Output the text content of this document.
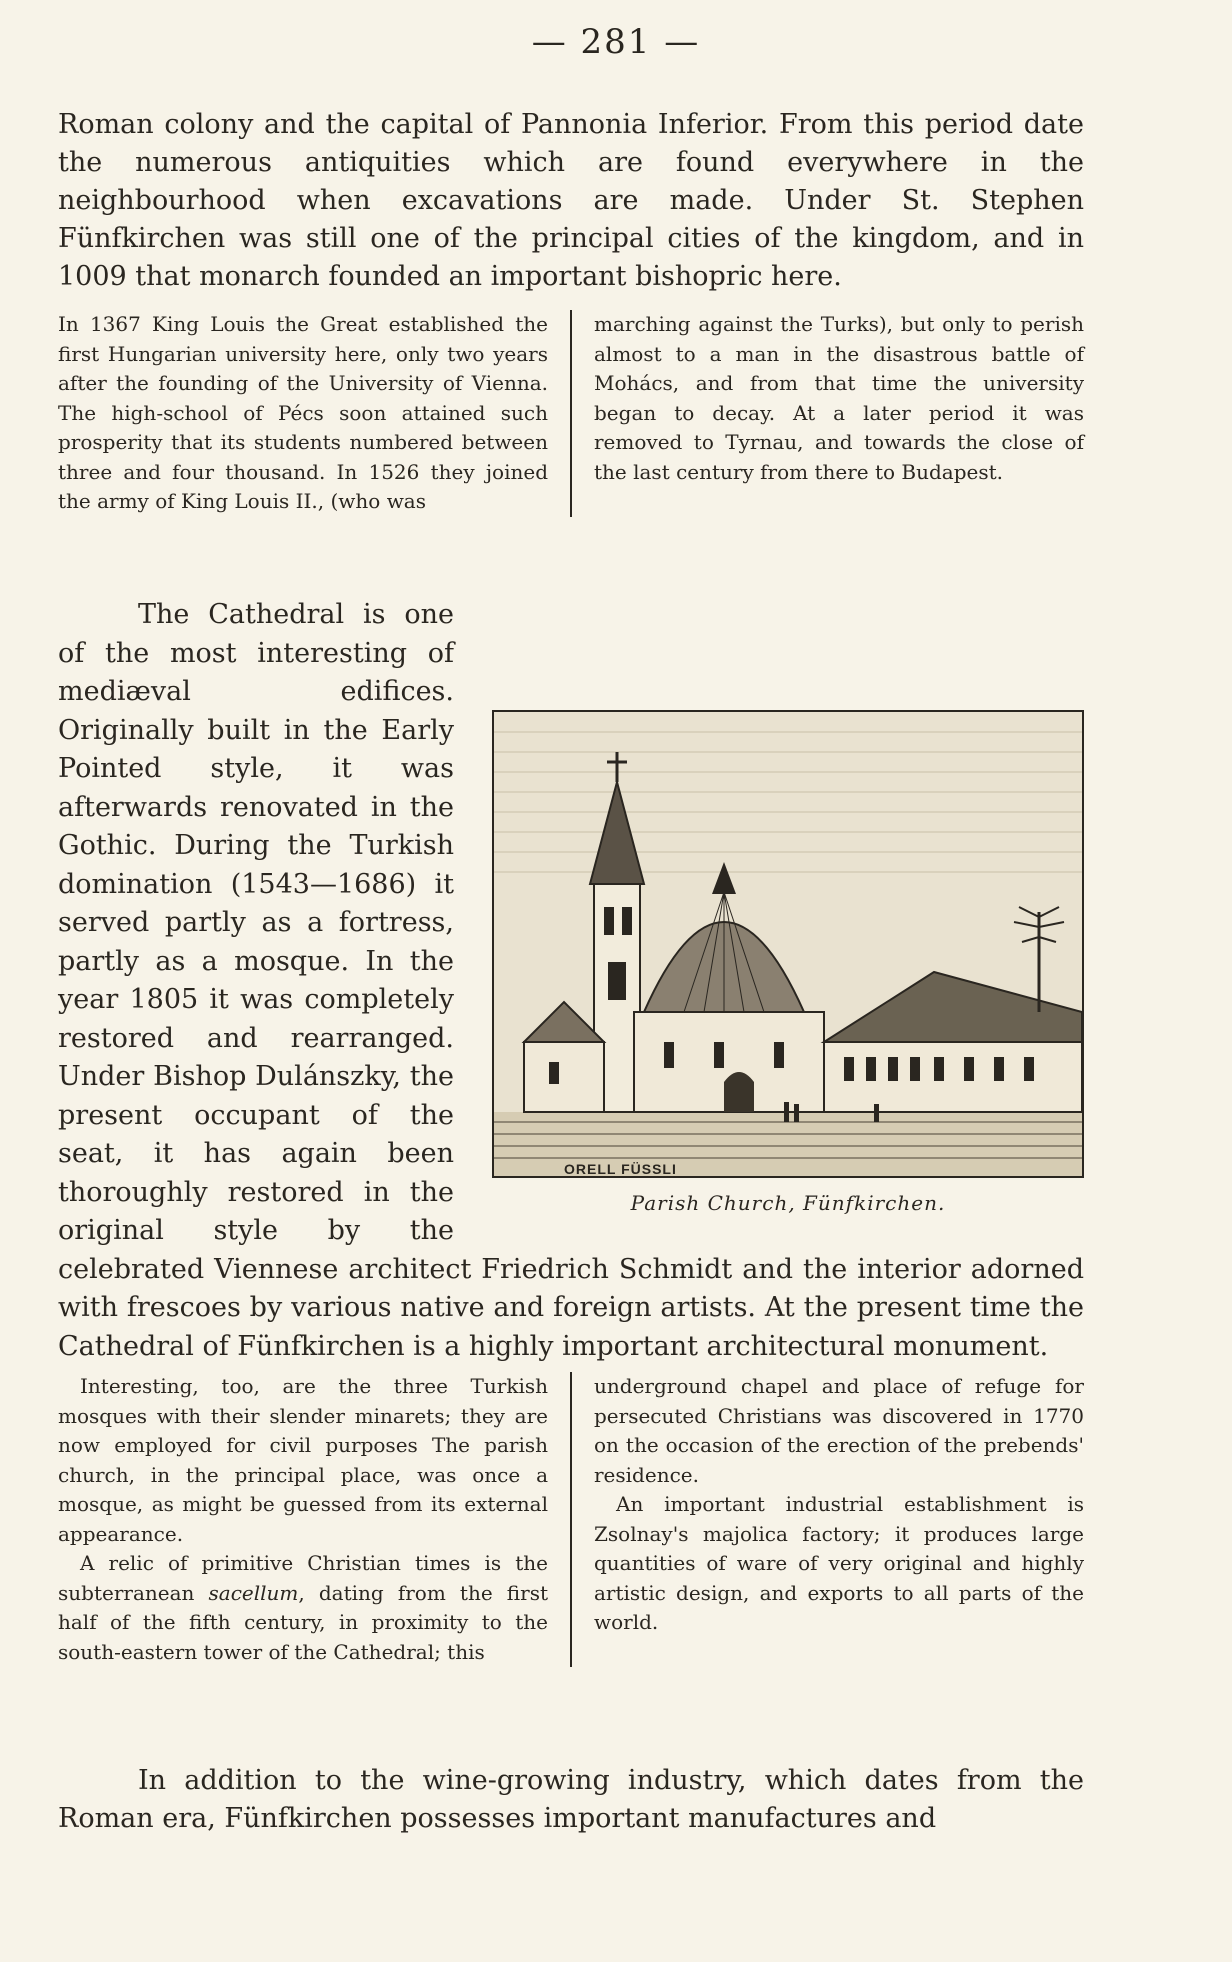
— 281 —

Roman colony and the capital of Pannonia Inferior. From this period date the numerous antiquities which are found everywhere in the neighbourhood when excavations are made. Under St. Stephen Fünfkirchen was still one of the principal cities of the kingdom, and in 1009 that monarch founded an important bishopric here.

In 1367 King Louis the Great established the first Hungarian university here, only two years after the founding of the University of Vienna. The high-school of Pécs soon attained such prosperity that its students numbered between three and four thousand. In 1526 they joined the army of King Louis II., (who was

marching against the Turks), but only to perish almost to a man in the disastrous battle of Mohács, and from that time the university began to decay. At a later period it was removed to Tyrnau, and towards the close of the last century from there to Budapest.

ORELL FÜSSLI
Parish Church, Fünfkirchen.

The Cathedral is one of the most interesting of mediæval edifices. Originally built in the Early Pointed style, it was afterwards renovated in the Gothic. During the Turkish domination (1543—1686) it served partly as a fortress, partly as a mosque. In the year 1805 it was completely restored and rearranged. Under Bishop Dulánszky, the present occupant of the seat, it has again been thoroughly restored in the original style by the celebrated Viennese architect Friedrich Schmidt and the interior adorned with frescoes by various native and foreign artists. At the present time the Cathedral of Fünfkirchen is a highly important architectural monument.

Interesting, too, are the three Turkish mosques with their slender minarets; they are now employed for civil purposes The parish church, in the principal place, was once a mosque, as might be guessed from its external appearance.

A relic of primitive Christian times is the subterranean sacellum, dating from the first half of the fifth century, in proximity to the south-eastern tower of the Cathedral; this

underground chapel and place of refuge for persecuted Christians was discovered in 1770 on the occasion of the erection of the prebends' residence.

An important industrial establishment is Zsolnay's majolica factory; it produces large quantities of ware of very original and highly artistic design, and exports to all parts of the world.

In addition to the wine-growing industry, which dates from the Roman era, Fünfkirchen possesses important manufactures and
